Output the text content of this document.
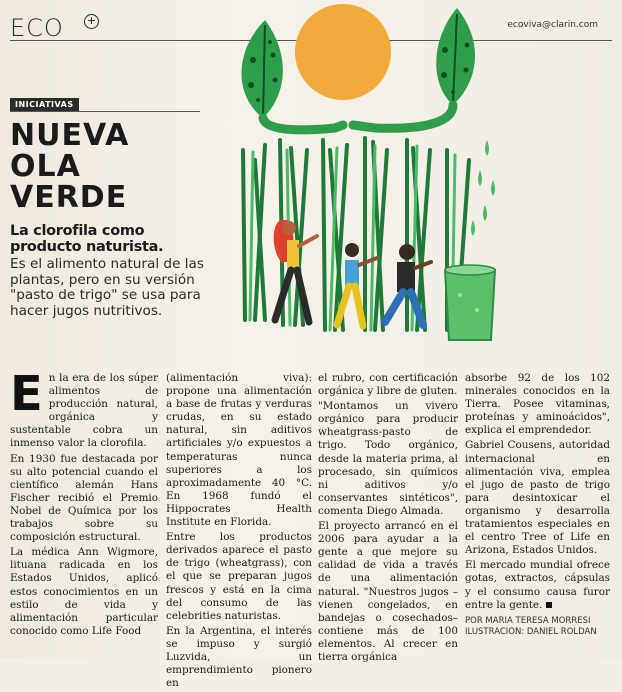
ECO +	ecoviva@clarin.com
INICIATIVAS
NUEVA
OLA
VERDE
La clorofila como producto naturista.
Es el alimento natural de las plantas, pero en su versión "pasto de trigo" se usa para hacer jugos nutritivos.

En la era de los súper alimentos de producción natural, orgánica y sustentable cobra un inmenso valor la clorofila.

En 1930 fue destacada por su alto potencial cuando el científico alemán Hans Fischer recibió el Premio Nobel de Química por los trabajos sobre su composición estructural.

La médica Ann Wigmore, lituana radicada en los Estados Unidos, aplicó estos conocimientos en un estilo de vida y alimentación particular conocido como Life Food

(alimentación viva): propone una alimentación a base de frutas y verduras crudas, en su estado natural, sin aditivos artificiales y/o expuestos a temperaturas nunca superiores a los aproximadamente 40 °C. En 1968 fundó el Hippocrates Health Institute en Florida.

Entre los productos derivados aparece el pasto de trigo (wheatgrass), con el que se preparan jugos frescos y está en la cima del consumo de las celebrities naturistas.

En la Argentina, el interés se impuso y surgió Luzvida, un emprendimiento pionero en

el rubro, con certificación orgánica y libre de gluten.

"Montamos un vivero orgánico para producir wheatgrass-pasto de trigo. Todo orgánico, desde la materia prima, al procesado, sin químicos ni aditivos y/o conservantes sintéticos", comenta Diego Almada.

El proyecto arrancó en el 2006 para ayudar a la gente a que mejore su calidad de vida a través de una alimentación natural. "Nuestros jugos –vienen congelados, en bandejas o cosechados– contiene más de 100 elementos. Al crecer en tierra orgánica

absorbe 92 de los 102 minerales conocidos en la Tierra. Posee vitaminas, proteínas y aminoácidos", explica el emprendedor.

Gabriel Cousens, autoridad internacional en alimentación viva, emplea el jugo de pasto de trigo para desintoxicar el organismo y desarrolla tratamientos especiales en el centro Tree of Life en Arizona, Estados Unidos.

El mercado mundial ofrece gotas, extractos, cápsulas y el consumo causa furor entre la gente.

POR MARIA TERESA MORRESI
ILUSTRACION: DANIEL ROLDAN
